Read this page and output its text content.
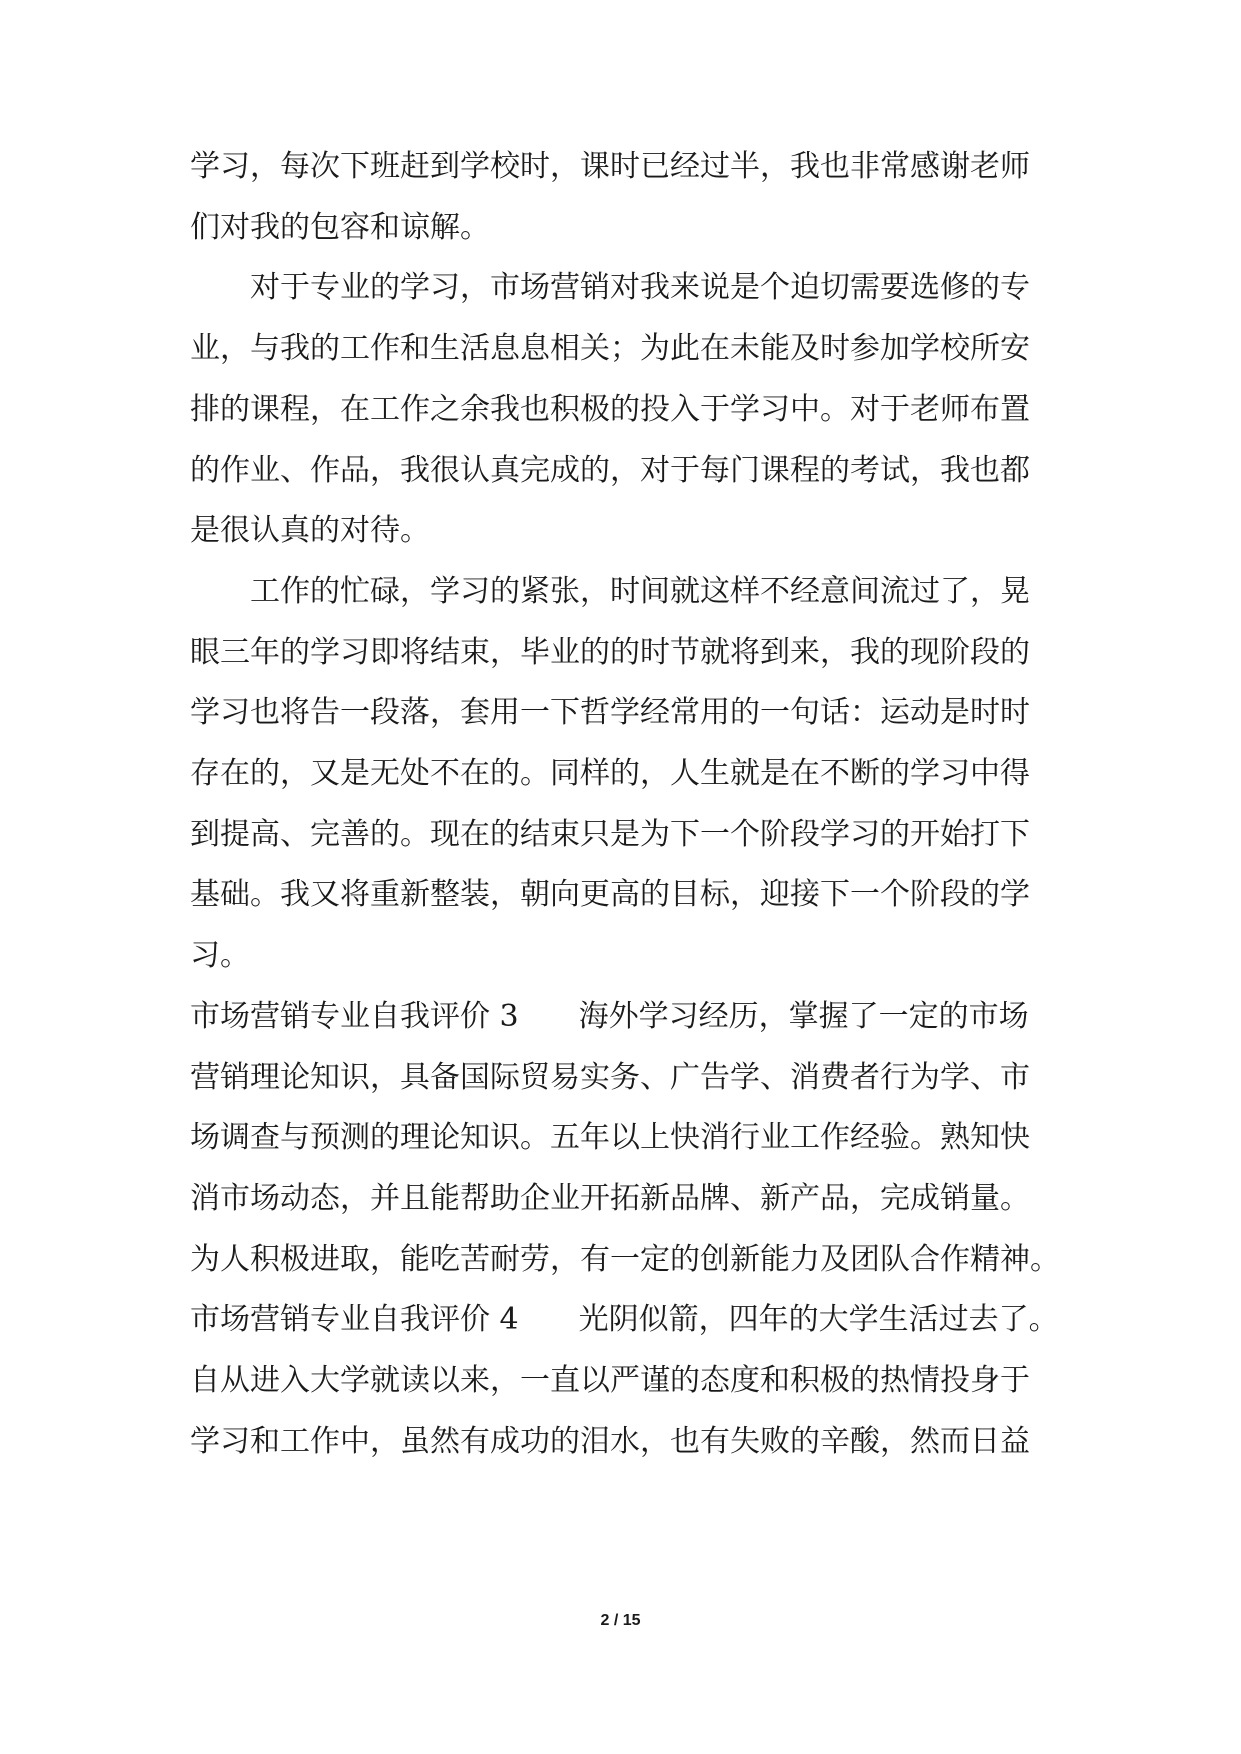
学习，每次下班赶到学校时，课时已经过半，我也非常感谢老师
们对我的包容和谅解。
　　对于专业的学习，市场营销对我来说是个迫切需要选修的专
业，与我的工作和生活息息相关；为此在未能及时参加学校所安
排的课程，在工作之余我也积极的投入于学习中。对于老师布置
的作业、作品，我很认真完成的，对于每门课程的考试，我也都
是很认真的对待。
　　工作的忙碌，学习的紧张，时间就这样不经意间流过了，晃
眼三年的学习即将结束，毕业的的时节就将到来，我的现阶段的
学习也将告一段落，套用一下哲学经常用的一句话：运动是时时
存在的，又是无处不在的。同样的，人生就是在不断的学习中得
到提高、完善的。现在的结束只是为下一个阶段学习的开始打下
基础。我又将重新整装，朝向更高的目标，迎接下一个阶段的学
习。
市场营销专业自我评价 3　　海外学习经历，掌握了一定的市场
营销理论知识，具备国际贸易实务、广告学、消费者行为学、市
场调查与预测的理论知识。五年以上快消行业工作经验。熟知快
消市场动态，并且能帮助企业开拓新品牌、新产品，完成销量。
为人积极进取，能吃苦耐劳，有一定的创新能力及团队合作精神。
市场营销专业自我评价 4　　光阴似箭，四年的大学生活过去了。
自从进入大学就读以来，一直以严谨的态度和积极的热情投身于
学习和工作中，虽然有成功的泪水，也有失败的辛酸，然而日益
2 / 15
